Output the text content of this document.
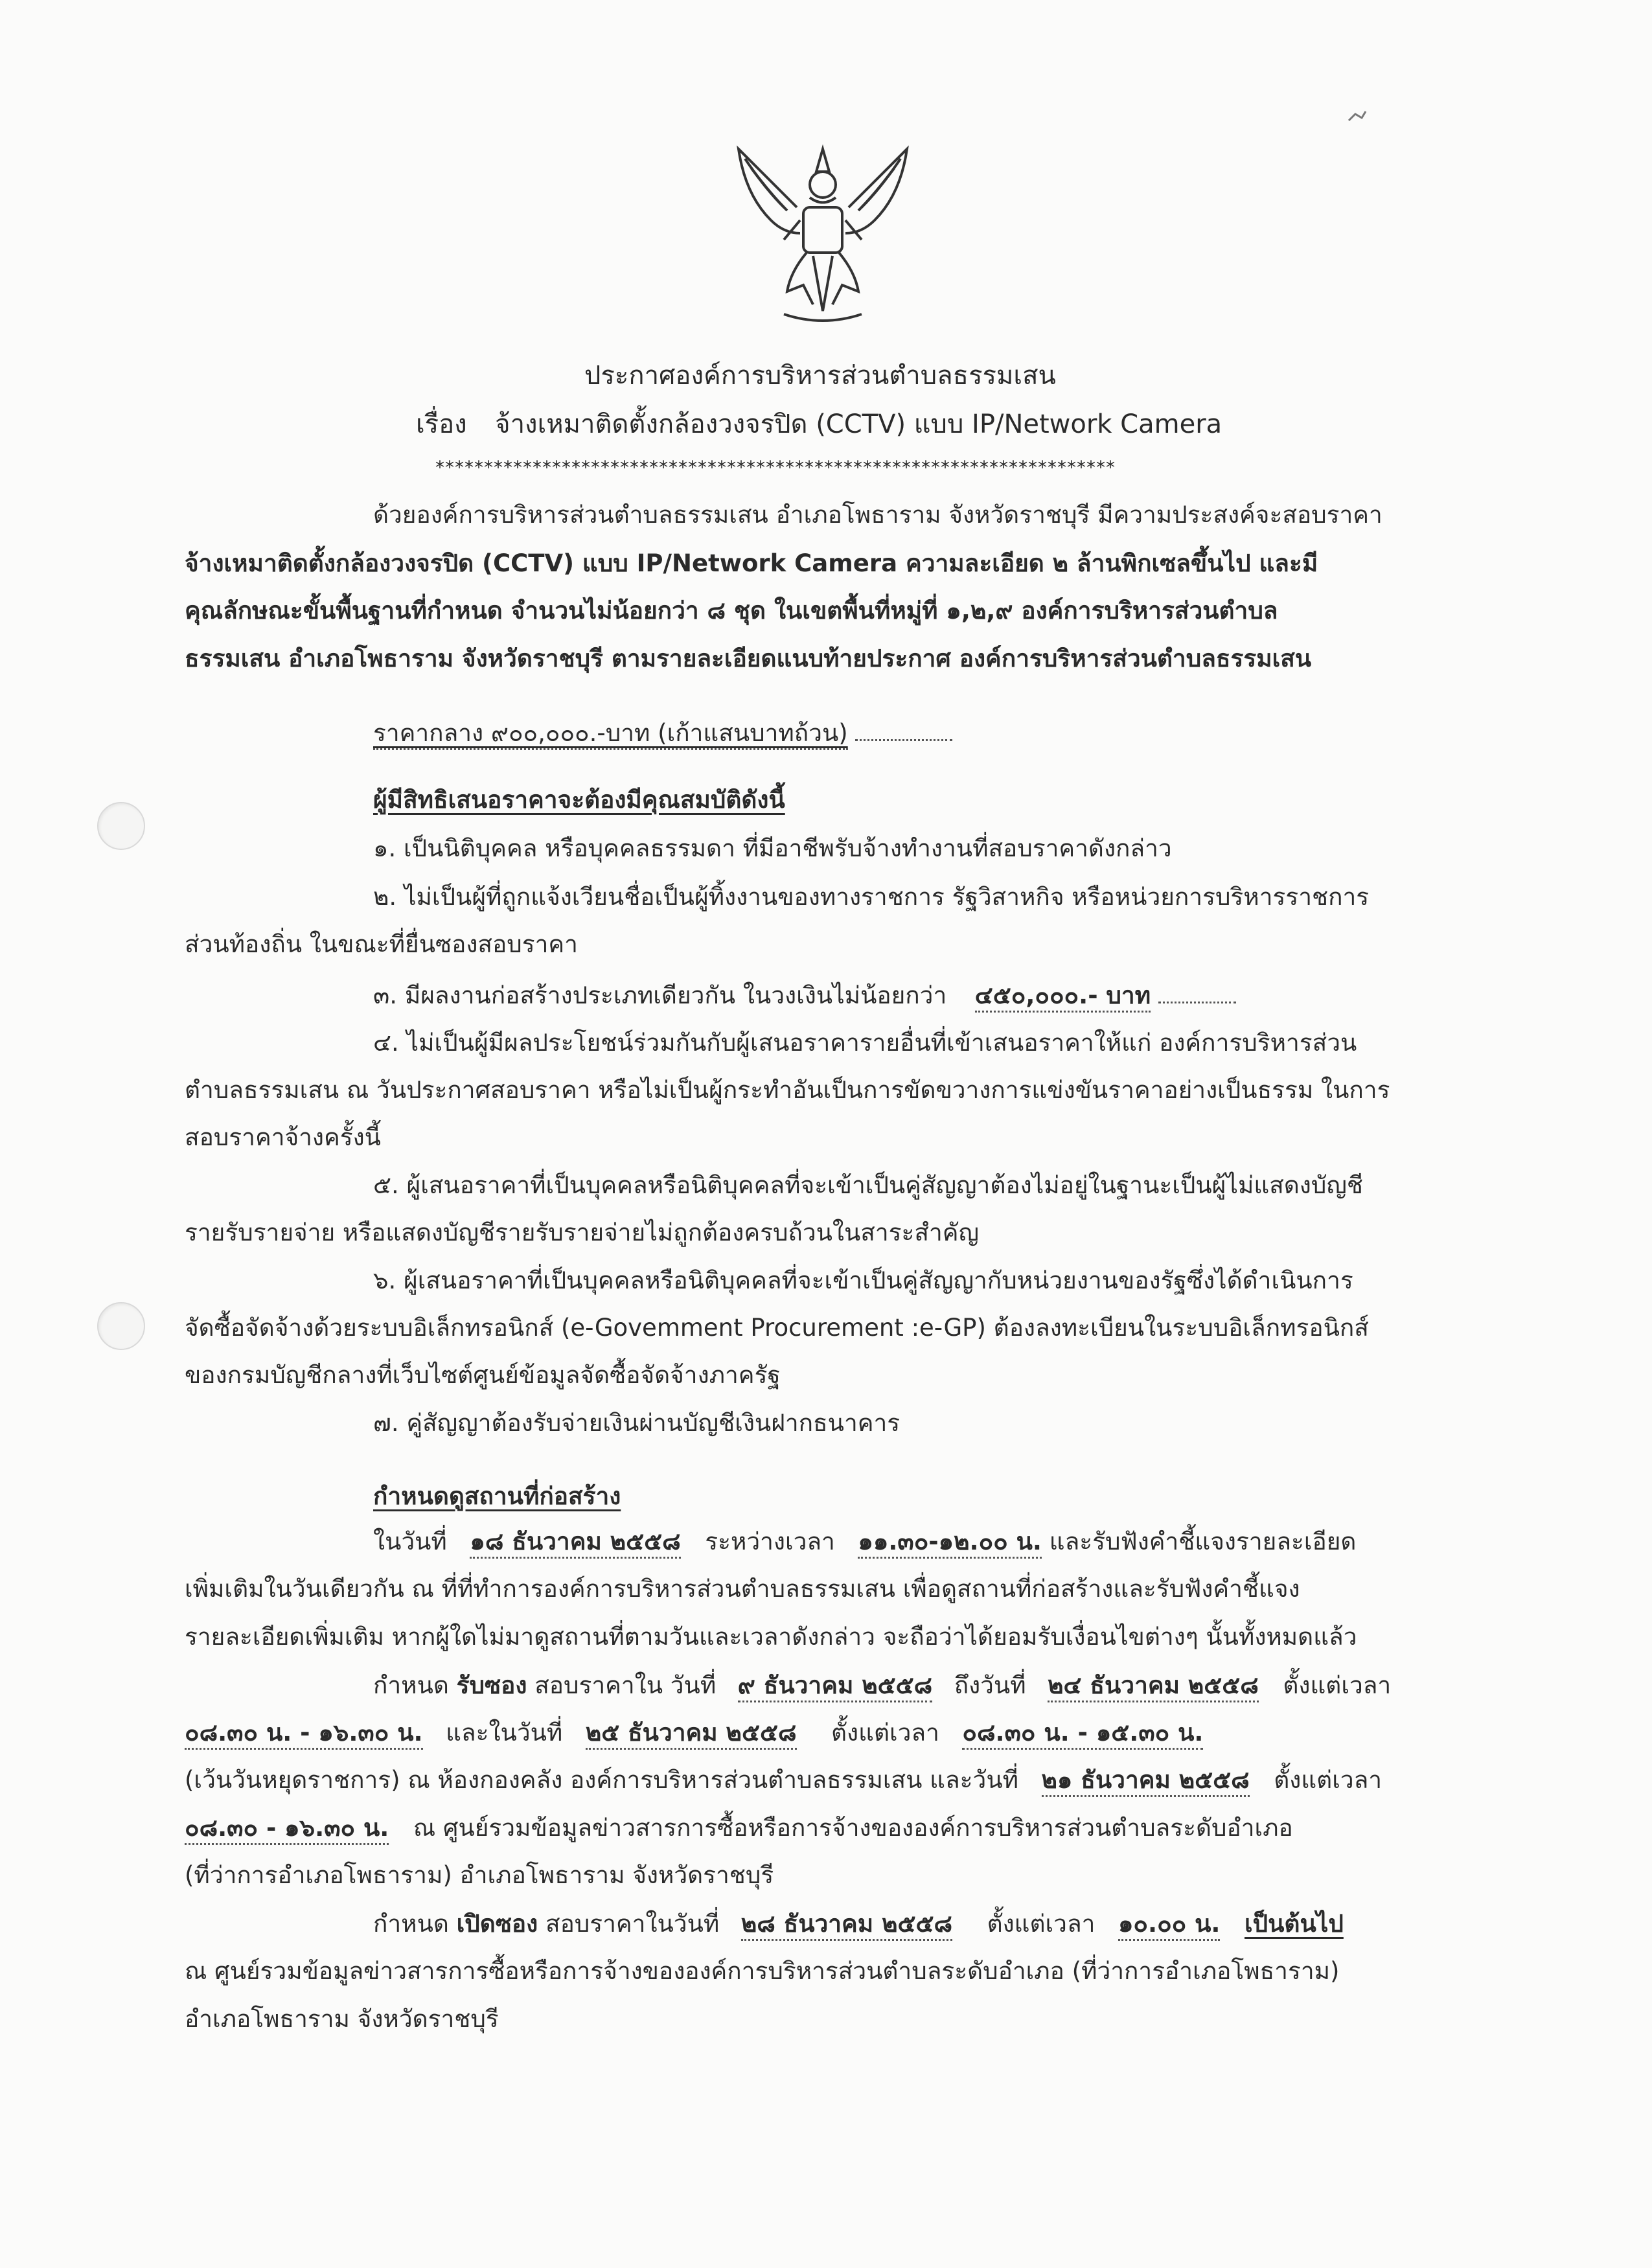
ประกาศองค์การบริหารส่วนตำบลธรรมเสน
เรื่อง จ้างเหมาติดตั้งกล้องวงจรปิด (CCTV) แบบ IP/Network Camera
**********************************************************************
ด้วยองค์การบริหารส่วนตำบลธรรมเสน อำเภอโพธาราม จังหวัดราชบุรี มีความประสงค์จะสอบราคา
จ้างเหมาติดตั้งกล้องวงจรปิด (CCTV) แบบ IP/Network Camera ความละเอียด ๒ ล้านพิกเซลขึ้นไป และมี
คุณลักษณะขั้นพื้นฐานที่กำหนด จำนวนไม่น้อยกว่า ๘ ชุด ในเขตพื้นที่หมู่ที่ ๑,๒,๙ องค์การบริหารส่วนตำบล
ธรรมเสน อำเภอโพธาราม จังหวัดราชบุรี ตามรายละเอียดแนบท้ายประกาศ องค์การบริหารส่วนตำบลธรรมเสน
ราคากลาง ๙๐๐,๐๐๐.-บาท (เก้าแสนบาทถ้วน)
ผู้มีสิทธิเสนอราคาจะต้องมีคุณสมบัติดังนี้
๑. เป็นนิติบุคคล หรือบุคคลธรรมดา ที่มีอาชีพรับจ้างทำงานที่สอบราคาดังกล่าว
๒. ไม่เป็นผู้ที่ถูกแจ้งเวียนชื่อเป็นผู้ทิ้งงานของทางราชการ รัฐวิสาหกิจ หรือหน่วยการบริหารราชการ
ส่วนท้องถิ่น ในขณะที่ยื่นซองสอบราคา
๓. มีผลงานก่อสร้างประเภทเดียวกัน ในวงเงินไม่น้อยกว่า ๔๕๐,๐๐๐.- บาท
๔. ไม่เป็นผู้มีผลประโยชน์ร่วมกันกับผู้เสนอราคารายอื่นที่เข้าเสนอราคาให้แก่ องค์การบริหารส่วน
ตำบลธรรมเสน ณ วันประกาศสอบราคา หรือไม่เป็นผู้กระทำอันเป็นการขัดขวางการแข่งขันราคาอย่างเป็นธรรม ในการ
สอบราคาจ้างครั้งนี้
๕. ผู้เสนอราคาที่เป็นบุคคลหรือนิติบุคคลที่จะเข้าเป็นคู่สัญญาต้องไม่อยู่ในฐานะเป็นผู้ไม่แสดงบัญชี
รายรับรายจ่าย หรือแสดงบัญชีรายรับรายจ่ายไม่ถูกต้องครบถ้วนในสาระสำคัญ
๖. ผู้เสนอราคาที่เป็นบุคคลหรือนิติบุคคลที่จะเข้าเป็นคู่สัญญากับหน่วยงานของรัฐซึ่งได้ดำเนินการ
จัดซื้อจัดจ้างด้วยระบบอิเล็กทรอนิกส์ (e-Govemment Procurement :e-GP) ต้องลงทะเบียนในระบบอิเล็กทรอนิกส์
ของกรมบัญชีกลางที่เว็บไซต์ศูนย์ข้อมูลจัดซื้อจัดจ้างภาครัฐ
๗. คู่สัญญาต้องรับจ่ายเงินผ่านบัญชีเงินฝากธนาคาร
กำหนดดูสถานที่ก่อสร้าง
ในวันที่ ๑๘ ธันวาคม ๒๕๕๘ ระหว่างเวลา ๑๑.๓๐-๑๒.๐๐ น. และรับฟังคำชี้แจงรายละเอียด
เพิ่มเติมในวันเดียวกัน ณ ที่ที่ทำการองค์การบริหารส่วนตำบลธรรมเสน เพื่อดูสถานที่ก่อสร้างและรับฟังคำชี้แจง
รายละเอียดเพิ่มเติม หากผู้ใดไม่มาดูสถานที่ตามวันและเวลาดังกล่าว จะถือว่าได้ยอมรับเงื่อนไขต่างๆ นั้นทั้งหมดแล้ว
กำหนด รับซอง สอบราคาใน วันที่ ๙ ธันวาคม ๒๕๕๘ ถึงวันที่ ๒๔ ธันวาคม ๒๕๕๘ ตั้งแต่เวลา
๐๘.๓๐ น. - ๑๖.๓๐ น. และในวันที่ ๒๕ ธันวาคม ๒๕๕๘ ตั้งแต่เวลา ๐๘.๓๐ น. - ๑๕.๓๐ น.
(เว้นวันหยุดราชการ) ณ ห้องกองคลัง องค์การบริหารส่วนตำบลธรรมเสน และวันที่ ๒๑ ธันวาคม ๒๕๕๘ ตั้งแต่เวลา
๐๘.๓๐ - ๑๖.๓๐ น. ณ ศูนย์รวมข้อมูลข่าวสารการซื้อหรือการจ้างขององค์การบริหารส่วนตำบลระดับอำเภอ
(ที่ว่าการอำเภอโพธาราม) อำเภอโพธาราม จังหวัดราชบุรี
กำหนด เปิดซอง สอบราคาในวันที่ ๒๘ ธันวาคม ๒๕๕๘ ตั้งแต่เวลา ๑๐.๐๐ น. เป็นต้นไป
ณ ศูนย์รวมข้อมูลข่าวสารการซื้อหรือการจ้างขององค์การบริหารส่วนตำบลระดับอำเภอ (ที่ว่าการอำเภอโพธาราม)
อำเภอโพธาราม จังหวัดราชบุรี
